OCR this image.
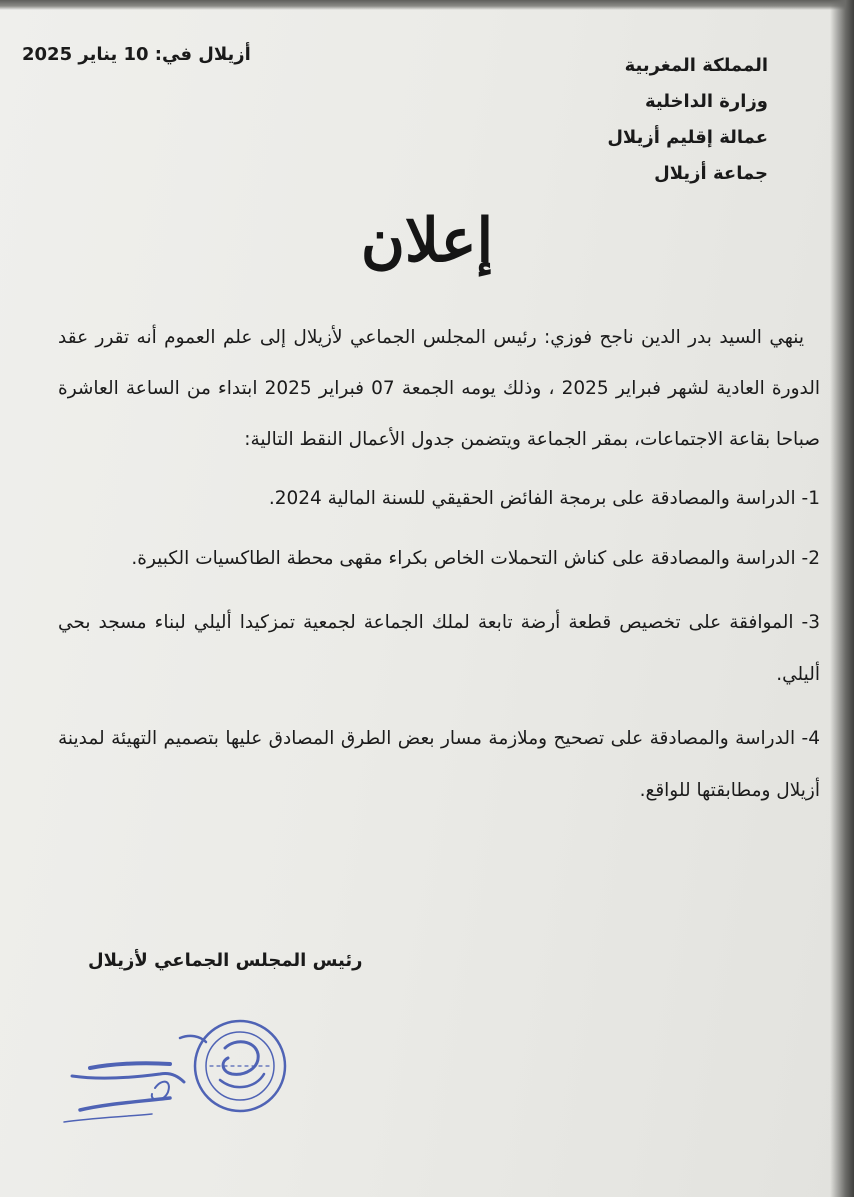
المملكة المغربية
وزارة الداخلية
عمالة إقليم أزيلال
جماعة أزيلال
أزيلال في: 10 يناير 2025
إعلان

ينهي السيد بدر الدين ناجح فوزي: رئيس المجلس الجماعي لأزيلال إلى علم العموم أنه تقرر عقد الدورة العادية لشهر فبراير 2025 ، وذلك يومه الجمعة 07 فبراير 2025 ابتداء من الساعة العاشرة صباحا بقاعة الاجتماعات، بمقر الجماعة ويتضمن جدول الأعمال النقط التالية:

1- الدراسة والمصادقة على برمجة الفائض الحقيقي للسنة المالية 2024.

2- الدراسة والمصادقة على كناش التحملات الخاص بكراء مقهى محطة الطاكسيات الكبيرة.

3- الموافقة على تخصيص قطعة أرضة تابعة لملك الجماعة لجمعية تمزكيدا أليلي لبناء مسجد بحي أليلي.

4- الدراسة والمصادقة على تصحيح وملازمة مسار بعض الطرق المصادق عليها بتصميم التهيئة لمدينة أزيلال ومطابقتها للواقع.

رئيس المجلس الجماعي لأزيلال
